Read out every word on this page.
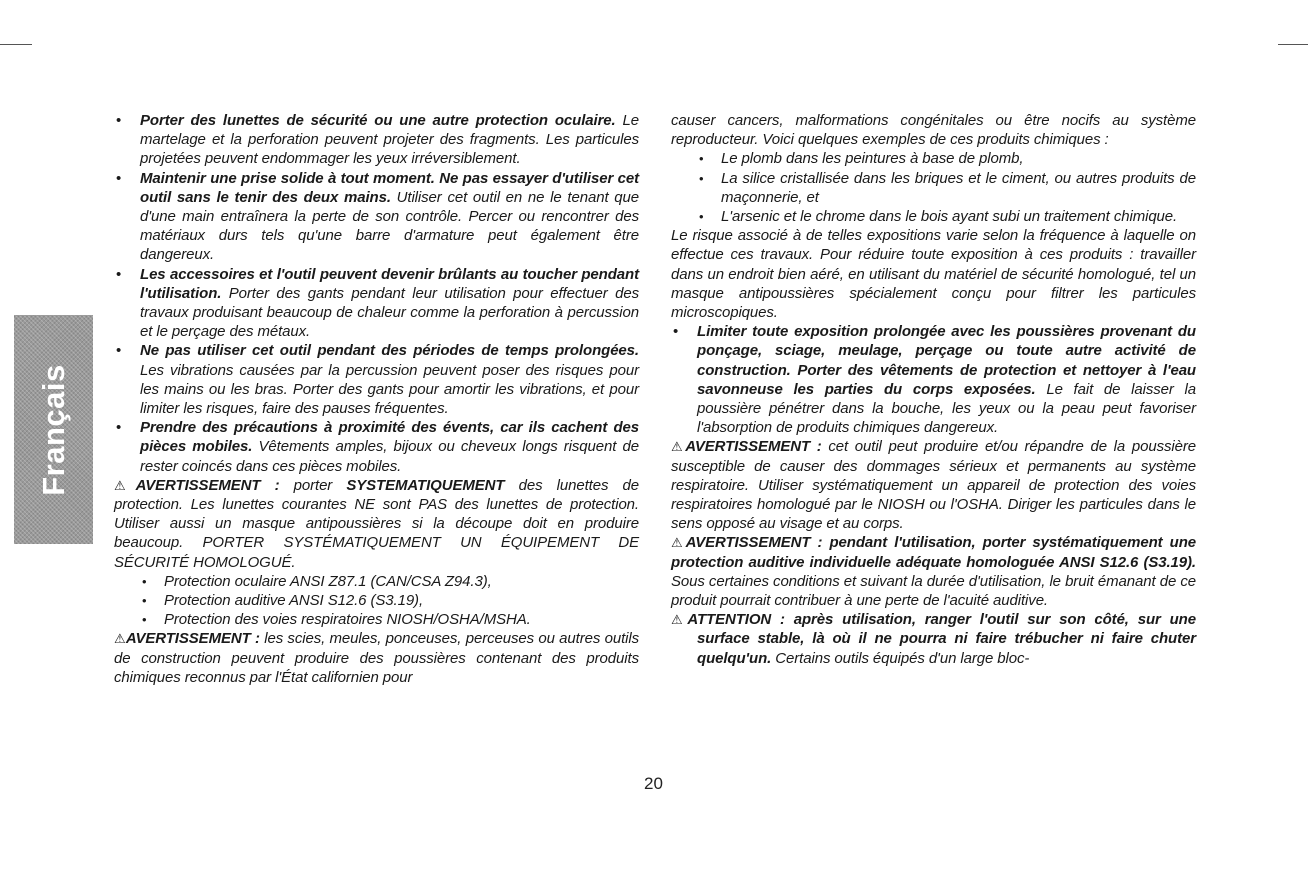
Français

• Porter des lunettes de sécurité ou une autre protection oculaire. Le martelage et la perforation peuvent projeter des fragments. Les particules projetées peuvent endommager les yeux irréversiblement.

• Maintenir une prise solide à tout moment. Ne pas essayer d'utiliser cet outil sans le tenir des deux mains. Utiliser cet outil en ne le tenant que d'une main entraînera la perte de son contrôle. Percer ou rencontrer des matériaux durs tels qu'une barre d'armature peut également être dangereux.

• Les accessoires et l'outil peuvent devenir brûlants au toucher pendant l'utilisation. Porter des gants pendant leur utilisation pour effectuer des travaux produisant beaucoup de chaleur comme la perforation à percussion et le perçage des métaux.

• Ne pas utiliser cet outil pendant des périodes de temps prolongées. Les vibrations causées par la percussion peuvent poser des risques pour les mains ou les bras. Porter des gants pour amortir les vibrations, et pour limiter les risques, faire des pauses fréquentes.

• Prendre des précautions à proximité des évents, car ils cachent des pièces mobiles. Vêtements amples, bijoux ou cheveux longs risquent de rester coincés dans ces pièces mobiles.

⚠AVERTISSEMENT : porter SYSTEMATIQUEMENT des lunettes de protection. Les lunettes courantes NE sont PAS des lunettes de protection. Utiliser aussi un masque antipoussières si la découpe doit en produire beaucoup. PORTER SYSTÉMATIQUEMENT UN ÉQUIPEMENT DE SÉCURITÉ HOMOLOGUÉ.

• Protection oculaire ANSI Z87.1 (CAN/CSA Z94.3),

• Protection auditive ANSI S12.6 (S3.19),

• Protection des voies respiratoires NIOSH/OSHA/MSHA.

⚠AVERTISSEMENT : les scies, meules, ponceuses, perceuses ou autres outils de construction peuvent produire des poussières contenant des produits chimiques reconnus par l'État californien pour

causer cancers, malformations congénitales ou être nocifs au système reproducteur. Voici quelques exemples de ces produits chimiques :

• Le plomb dans les peintures à base de plomb,

• La silice cristallisée dans les briques et le ciment, ou autres produits de maçonnerie, et

• L'arsenic et le chrome dans le bois ayant subi un traitement chimique.

Le risque associé à de telles expositions varie selon la fréquence à laquelle on effectue ces travaux. Pour réduire toute exposition à ces produits : travailler dans un endroit bien aéré, en utilisant du matériel de sécurité homologué, tel un masque antipoussières spécialement conçu pour filtrer les particules microscopiques.

• Limiter toute exposition prolongée avec les poussières provenant du ponçage, sciage, meulage, perçage ou toute autre activité de construction. Porter des vêtements de protection et nettoyer à l'eau savonneuse les parties du corps exposées. Le fait de laisser la poussière pénétrer dans la bouche, les yeux ou la peau peut favoriser l'absorption de produits chimiques dangereux.

⚠AVERTISSEMENT : cet outil peut produire et/ou répandre de la poussière susceptible de causer des dommages sérieux et permanents au système respiratoire. Utiliser systématiquement un appareil de protection des voies respiratoires homologué par le NIOSH ou l'OSHA. Diriger les particules dans le sens opposé au visage et au corps.

⚠AVERTISSEMENT : pendant l'utilisation, porter systématiquement une protection auditive individuelle adéquate homologuée ANSI S12.6 (S3.19). Sous certaines conditions et suivant la durée d'utilisation, le bruit émanant de ce produit pourrait contribuer à une perte de l'acuité auditive.

⚠ATTENTION : après utilisation, ranger l'outil sur son côté, sur une surface stable, là où il ne pourra ni faire trébucher ni faire chuter quelqu'un. Certains outils équipés d'un large bloc-

20
